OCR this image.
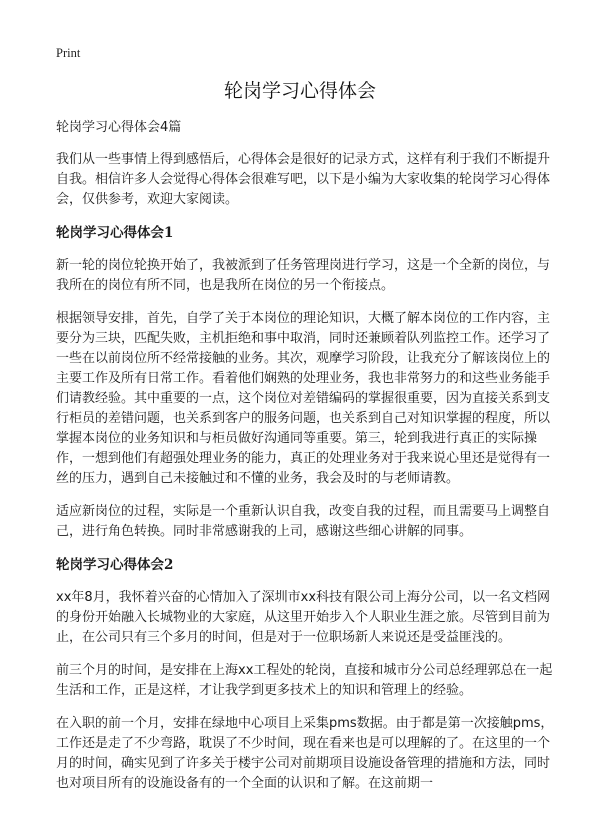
Print
轮岗学习心得体会
轮岗学习心得体会4篇

我们从一些事情上得到感悟后，心得体会是很好的记录方式，这样有利于我们不断提升自我。相信许多人会觉得心得体会很难写吧，以下是小编为大家收集的轮岗学习心得体会，仅供参考，欢迎大家阅读。

轮岗学习心得体会1

新一轮的岗位轮换开始了，我被派到了任务管理岗进行学习，这是一个全新的岗位，与我所在的岗位有所不同，也是我所在岗位的另一个衔接点。

根据领导安排，首先，自学了关于本岗位的理论知识，大概了解本岗位的工作内容，主要分为三块，匹配失败，主机拒绝和事中取消，同时还兼顾着队列监控工作。还学习了一些在以前岗位所不经常接触的业务。其次，观摩学习阶段，让我充分了解该岗位上的主要工作及所有日常工作。看着他们娴熟的处理业务，我也非常努力的和这些业务能手们请教经验。其中重要的一点，这个岗位对差错编码的掌握很重要，因为直接关系到支行柜员的差错问题，也关系到客户的服务问题，也关系到自己对知识掌握的程度，所以掌握本岗位的业务知识和与柜员做好沟通同等重要。第三，轮到我进行真正的实际操作，一想到他们有超强处理业务的能力，真正的处理业务对于我来说心里还是觉得有一丝的压力，遇到自己未接触过和不懂的业务，我会及时的与老师请教。

适应新岗位的过程，实际是一个重新认识自我，改变自我的过程，而且需要马上调整自己，进行角色转换。同时非常感谢我的上司，感谢这些细心讲解的同事。

轮岗学习心得体会2

xx年8月，我怀着兴奋的心情加入了深圳市xx科技有限公司上海分公司，以一名文档网的身份开始融入长城物业的大家庭，从这里开始步入个人职业生涯之旅。尽管到目前为止，在公司只有三个多月的时间，但是对于一位职场新人来说还是受益匪浅的。

前三个月的时间，是安排在上海xx工程处的轮岗，直接和城市分公司总经理郭总在一起生活和工作，正是这样，才让我学到更多技术上的知识和管理上的经验。

在入职的前一个月，安排在绿地中心项目上采集pms数据。由于都是第一次接触pms，工作还是走了不少弯路，耽误了不少时间，现在看来也是可以理解的了。在这里的一个月的时间，确实见到了许多关于楼宇公司对前期项目设施设备管理的措施和方法，同时也对项目所有的设施设备有的一个全面的认识和了解。在这前期一
